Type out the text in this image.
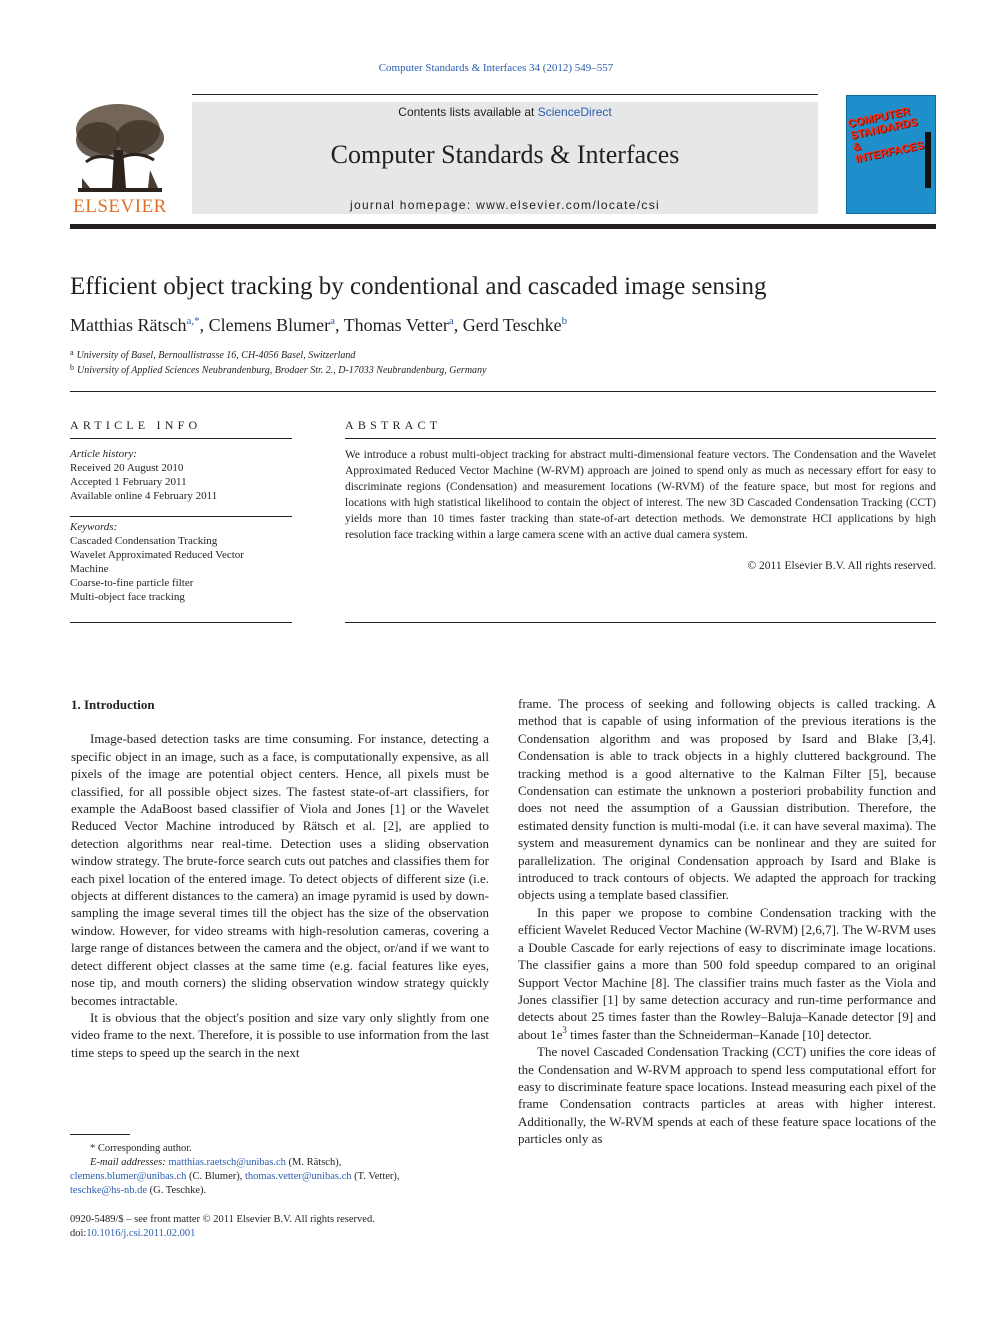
Computer Standards & Interfaces 34 (2012) 549–557
ELSEVIER
Contents lists available at ScienceDirect
Computer Standards & Interfaces
journal homepage: www.elsevier.com/locate/csi
COMPUTER STANDARDS & INTERFACES
Efficient object tracking by condentional and cascaded image sensing
Matthias Rätsch$^{a,*}$, Clemens Blumer$^a$, Thomas Vetter$^a$, Gerd Teschke$^b$
$^a$ University of Basel, Bernoullistrasse 16, CH-4056 Basel, Switzerland
$^b$ University of Applied Sciences Neubrandenburg, Brodaer Str. 2., D-17033 Neubrandenburg, Germany
ARTICLE INFO
Article history:
Received 20 August 2010
Accepted 1 February 2011
Available online 4 February 2011
Keywords:
Cascaded Condensation Tracking
Wavelet Approximated Reduced Vector
Machine
Coarse-to-fine particle filter
Multi-object face tracking
ABSTRACT
We introduce a robust multi-object tracking for abstract multi-dimensional feature vectors. The Condensation and the Wavelet Approximated Reduced Vector Machine (W-RVM) approach are joined to spend only as much as necessary effort for easy to discriminate regions (Condensation) and measurement locations (W-RVM) of the feature space, but most for regions and locations with high statistical likelihood to contain the object of interest. The new 3D Cascaded Condensation Tracking (CCT) yields more than 10 times faster tracking than state-of-art detection methods. We demonstrate HCI applications by high resolution face tracking within a large camera scene with an active dual camera system.
© 2011 Elsevier B.V. All rights reserved.
1. Introduction

Image-based detection tasks are time consuming. For instance, detecting a specific object in an image, such as a face, is computationally expensive, as all pixels of the image are potential object centers. Hence, all pixels must be classified, for all possible object sizes. The fastest state-of-art classifiers, for example the AdaBoost based classifier of Viola and Jones [1] or the Wavelet Reduced Vector Machine introduced by Rätsch et al. [2], are applied to detection algorithms near real-time. Detection uses a sliding observation window strategy. The brute-force search cuts out patches and classifies them for each pixel location of the entered image. To detect objects of different size (i.e. objects at different distances to the camera) an image pyramid is used by down-sampling the image several times till the object has the size of the observation window. However, for video streams with high-resolution cameras, covering a large range of distances between the camera and the object, or/and if we want to detect different object classes at the same time (e.g. facial features like eyes, nose tip, and mouth corners) the sliding observation window strategy quickly becomes intractable.

It is obvious that the object's position and size vary only slightly from one video frame to the next. Therefore, it is possible to use information from the last time steps to speed up the search in the next

frame. The process of seeking and following objects is called tracking. A method that is capable of using information of the previous iterations is the Condensation algorithm and was proposed by Isard and Blake [3,4]. Condensation is able to track objects in a highly cluttered background. The tracking method is a good alternative to the Kalman Filter [5], because Condensation can estimate the unknown a posteriori probability function and does not need the assumption of a Gaussian distribution. Therefore, the estimated density function is multi-modal (i.e. it can have several maxima). The system and measurement dynamics can be nonlinear and they are suited for parallelization. The original Condensation approach by Isard and Blake is introduced to track contours of objects. We adapted the approach for tracking objects using a template based classifier.

In this paper we propose to combine Condensation tracking with the efficient Wavelet Reduced Vector Machine (W-RVM) [2,6,7]. The W-RVM uses a Double Cascade for early rejections of easy to discriminate image locations. The classifier gains a more than 500 fold speedup compared to an original Support Vector Machine [8]. The classifier trains much faster as the Viola and Jones classifier [1] by same detection accuracy and run-time performance and detects about 25 times faster than the Rowley–Baluja–Kanade detector [9] and about $1e^3$ times faster than the Schneiderman–Kanade [10] detector.

The novel Cascaded Condensation Tracking (CCT) unifies the core ideas of the Condensation and W-RVM approach to spend less computational effort for easy to discriminate feature space locations. Instead measuring each pixel of the frame Condensation contracts particles at areas with higher interest. Additionally, the W-RVM spends at each of these feature space locations of the particles only as

* Corresponding author.
E-mail addresses: matthias.raetsch@unibas.ch (M. Rätsch),
clemens.blumer@unibas.ch (C. Blumer), thomas.vetter@unibas.ch (T. Vetter),
teschke@hs-nb.de (G. Teschke).
0920-5489/$ – see front matter © 2011 Elsevier B.V. All rights reserved.
doi:10.1016/j.csi.2011.02.001
